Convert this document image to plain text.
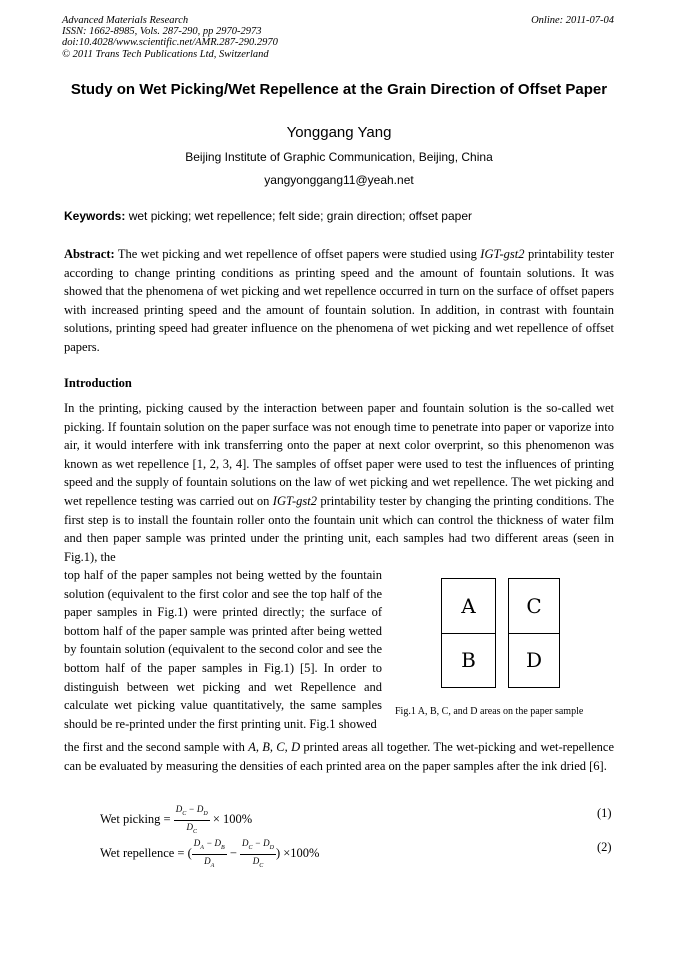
Advanced Materials Research
ISSN: 1662-8985, Vols. 287-290, pp 2970-2973
doi:10.4028/www.scientific.net/AMR.287-290.2970
© 2011 Trans Tech Publications Ltd, Switzerland
Online: 2011-07-04
Study on Wet Picking/Wet Repellence at the Grain Direction of Offset Paper
Yonggang Yang
Beijing Institute of Graphic Communication, Beijing, China
yangyonggang11@yeah.net
Keywords: wet picking; wet repellence; felt side; grain direction; offset paper
Abstract: The wet picking and wet repellence of offset papers were studied using IGT-gst2 printability tester according to change printing conditions as printing speed and the amount of fountain solutions. It was showed that the phenomena of wet picking and wet repellence occurred in turn on the surface of offset papers with increased printing speed and the amount of fountain solution. In addition, in contrast with fountain solutions, printing speed had greater influence on the phenomena of wet picking and wet repellence of offset papers.
Introduction
In the printing, picking caused by the interaction between paper and fountain solution is the so-called wet picking. If fountain solution on the paper surface was not enough time to penetrate into paper or vaporize into air, it would interfere with ink transferring onto the paper at next color overprint, so this phenomenon was known as wet repellence [1, 2, 3, 4]. The samples of offset paper were used to test the influences of printing speed and the supply of fountain solutions on the law of wet picking and wet repellence. The wet picking and wet repellence testing was carried out on IGT-gst2 printability tester by changing the printing conditions. The first step is to install the fountain roller onto the fountain unit which can control the thickness of water film and then paper sample was printed under the printing unit, each samples had two different areas (seen in Fig.1), the
top half of the paper samples not being wetted by the fountain solution (equivalent to the first color and see the top half of the paper samples in Fig.1) were printed directly; the surface of bottom half of the paper sample was printed after being wetted by fountain solution (equivalent to the second color and see the bottom half of the paper samples in Fig.1) [5]. In order to distinguish between wet picking and wet Repellence and calculate wet picking value quantitatively, the same samples should be re-printed under the first printing unit. Fig.1 showed
the first and the second sample with A, B, C, D printed areas all together. The wet-picking and wet-repellence can be evaluated by measuring the densities of each printed area on the paper samples after the ink dried [6].
A
B
C
D
Fig.1 A, B, C, and D areas on the paper sample
Wet picking = $\frac{D_C - D_D}{D_C} \times 100\%$	(1)
Wet repellence = ( $\frac{D_A - D_B}{D_A} - \frac{D_C - D_D}{D_C}$ ) ×100%	(2)
